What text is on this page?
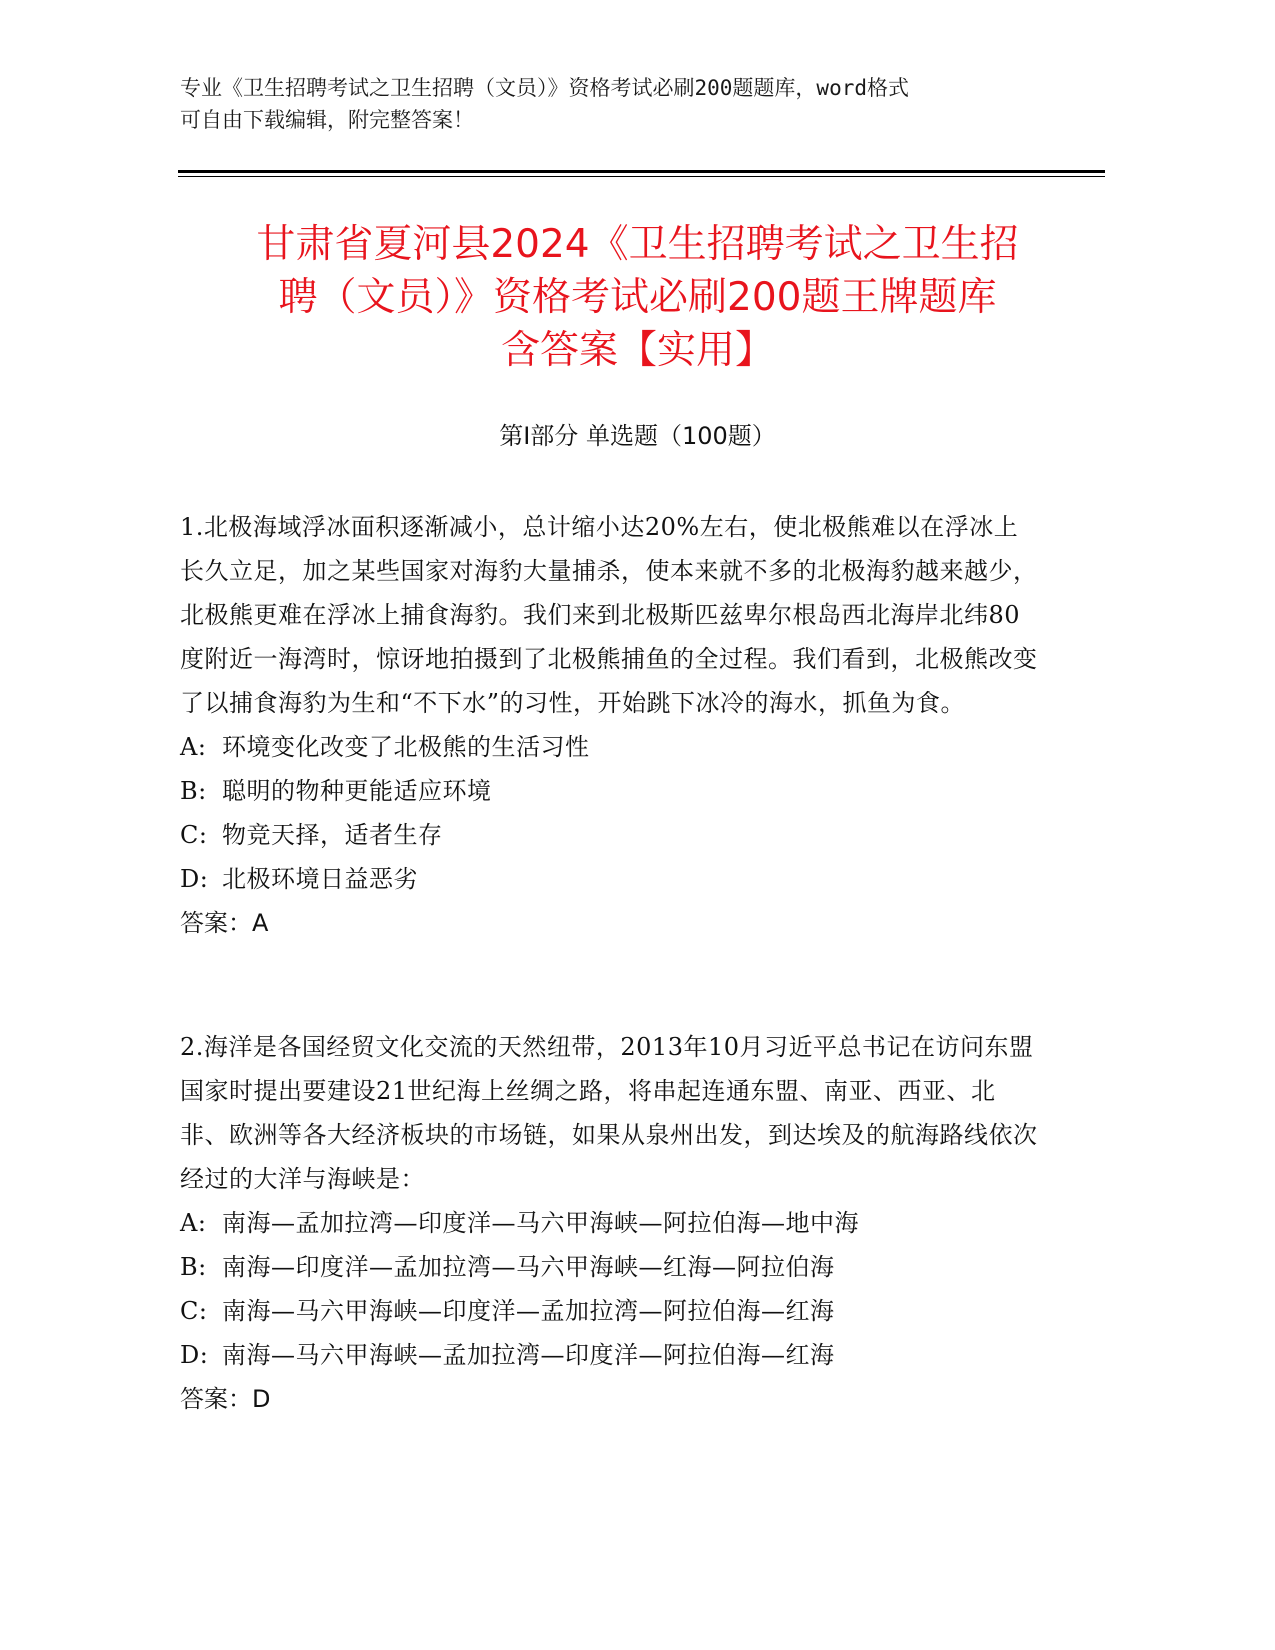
专业《卫生招聘考试之卫生招聘（文员）》资格考试必刷200题题库，word格式
可自由下载编辑，附完整答案！
甘肃省夏河县2024《卫生招聘考试之卫生招
聘（文员）》资格考试必刷200题王牌题库
含答案【实用】
第Ⅰ部分 单选题（100题）
1.北极海域浮冰面积逐渐减小，总计缩小达20%左右，使北极熊难以在浮冰上长久立足，加之某些国家对海豹大量捕杀，使本来就不多的北极海豹越来越少，北极熊更难在浮冰上捕食海豹。我们来到北极斯匹兹卑尔根岛西北海岸北纬80度附近一海湾时，惊讶地拍摄到了北极熊捕鱼的全过程。我们看到，北极熊改变了以捕食海豹为生和“不下水”的习性，开始跳下冰冷的海水，抓鱼为食。
A: 环境变化改变了北极熊的生活习性
B: 聪明的物种更能适应环境
C: 物竞天择，适者生存
D: 北极环境日益恶劣
答案：A
2.海洋是各国经贸文化交流的天然纽带，2013年10月习近平总书记在访问东盟国家时提出要建设21世纪海上丝绸之路，将串起连通东盟、南亚、西亚、北非、欧洲等各大经济板块的市场链，如果从泉州出发，到达埃及的航海路线依次经过的大洋与海峡是：
A: 南海—孟加拉湾—印度洋—马六甲海峡—阿拉伯海—地中海
B: 南海—印度洋—孟加拉湾—马六甲海峡—红海—阿拉伯海
C: 南海—马六甲海峡—印度洋—孟加拉湾—阿拉伯海—红海
D: 南海—马六甲海峡—孟加拉湾—印度洋—阿拉伯海—红海
答案：D
